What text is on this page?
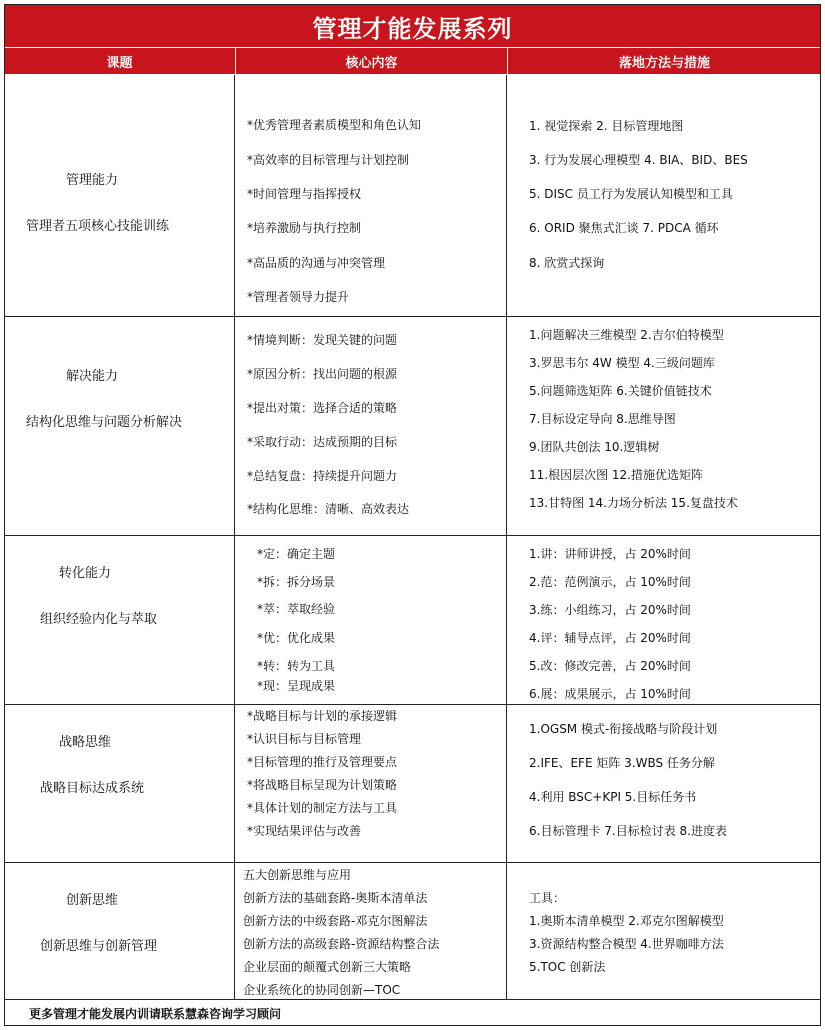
管理才能发展系列
课题	核心内容	落地方法与措施
管理能力
管理者五项核心技能训练
*优秀管理者素质模型和角色认知
*高效率的目标管理与计划控制
*时间管理与指挥授权
*培养激励与执行控制
*高品质的沟通与冲突管理
*管理者领导力提升
1. 视觉探索 2. 目标管理地图
3. 行为发展心理模型 4. BIA、BID、BES
5. DISC 员工行为发展认知模型和工具
6. ORID 聚焦式汇谈 7. PDCA 循环
8. 欣赏式探询
解决能力
结构化思维与问题分析解决
*情境判断：发现关键的问题
*原因分析：找出问题的根源
*提出对策：选择合适的策略
*采取行动：达成预期的目标
*总结复盘：持续提升问题力
*结构化思维：清晰、高效表达
1.问题解决三维模型 2.吉尔伯特模型
3.罗思韦尔 4W 模型 4.三级问题库
5.问题筛选矩阵 6.关键价值链技术
7.目标设定导向 8.思维导图
9.团队共创法 10.逻辑树
11.根因层次图 12.措施优选矩阵
13.甘特图 14.力场分析法 15.复盘技术
转化能力
组织经验内化与萃取
*定：确定主题
*拆：拆分场景
*萃：萃取经验
*优：优化成果
*转：转为工具
*现：呈现成果
1.讲：讲师讲授，占 20%时间
2.范：范例演示，占 10%时间
3.练：小组练习，占 20%时间
4.评：辅导点评，占 20%时间
5.改：修改完善，占 20%时间
6.展：成果展示，占 10%时间
战略思维
战略目标达成系统
*战略目标与计划的承接逻辑
*认识目标与目标管理
*目标管理的推行及管理要点
*将战略目标呈现为计划策略
*具体计划的制定方法与工具
*实现结果评估与改善
1.OGSM 模式-衔接战略与阶段计划
2.IFE、EFE 矩阵 3.WBS 任务分解
4.利用 BSC+KPI 5.目标任务书
6.目标管理卡 7.目标检讨表 8.进度表
创新思维
创新思维与创新管理
五大创新思维与应用
创新方法的基础套路-奥斯本清单法
创新方法的中级套路-邓克尔图解法
创新方法的高级套路-资源结构整合法
企业层面的颠覆式创新三大策略
企业系统化的协同创新—TOC
工具：
1.奥斯本清单模型 2.邓克尔图解模型
3.资源结构整合模型 4.世界咖啡方法
5.TOC 创新法
更多管理才能发展内训请联系慧森咨询学习顾问
